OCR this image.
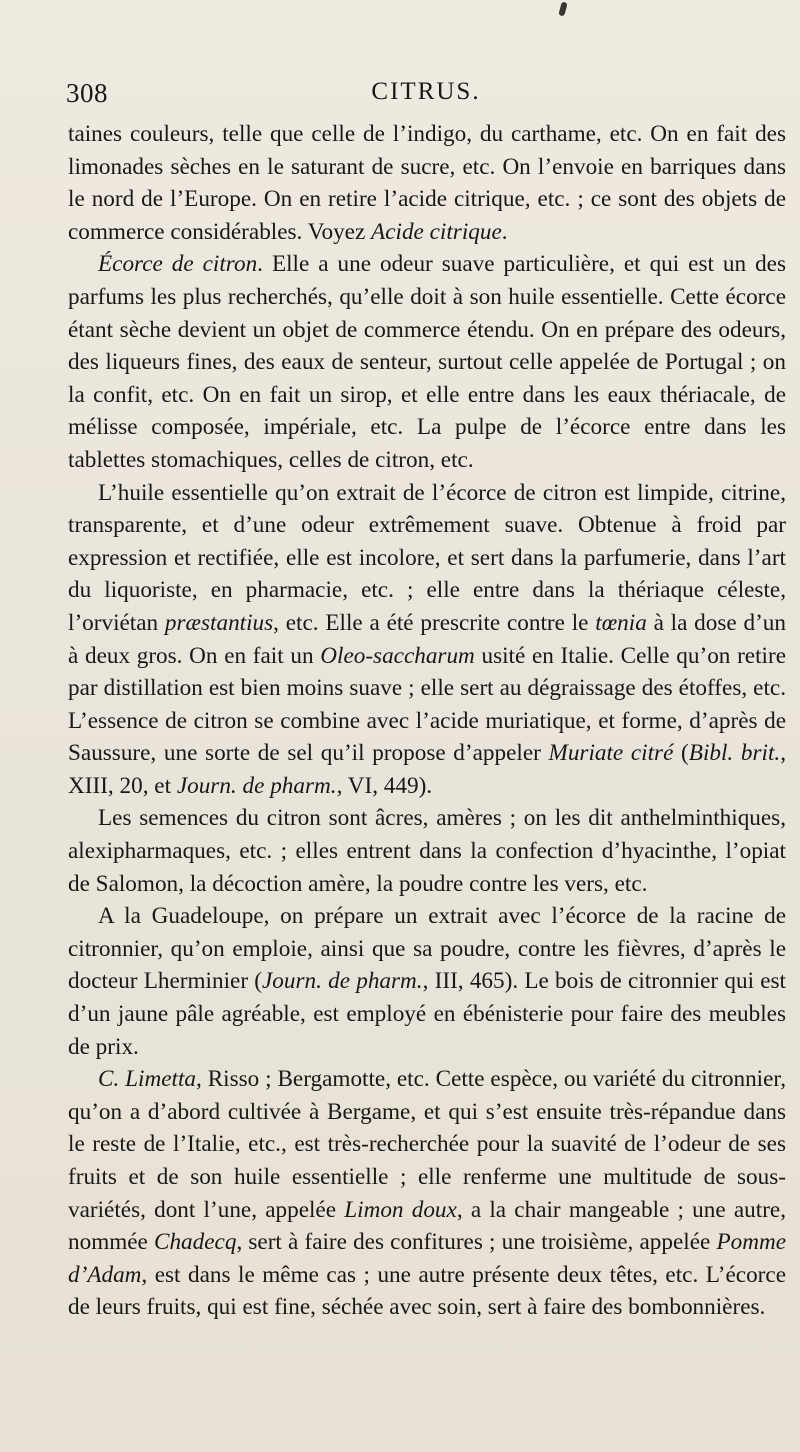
308	CITRUS.

taines couleurs, telle que celle de l’indigo, du carthame, etc. On en fait des limonades sèches en le saturant de sucre, etc. On l’envoie en barriques dans le nord de l’Europe. On en retire l’acide citrique, etc. ; ce sont des objets de commerce considérables. Voyez Acide citrique.

Écorce de citron. Elle a une odeur suave particulière, et qui est un des parfums les plus recherchés, qu’elle doit à son huile essentielle. Cette écorce étant sèche devient un objet de commerce étendu. On en prépare des odeurs, des liqueurs fines, des eaux de senteur, surtout celle appelée de Portugal ; on la confit, etc. On en fait un sirop, et elle entre dans les eaux thériacale, de mélisse composée, impériale, etc. La pulpe de l’écorce entre dans les tablettes stomachiques, celles de citron, etc.

L’huile essentielle qu’on extrait de l’écorce de citron est limpide, citrine, transparente, et d’une odeur extrêmement suave. Obtenue à froid par expression et rectifiée, elle est incolore, et sert dans la parfumerie, dans l’art du liquoriste, en pharmacie, etc. ; elle entre dans la thériaque céleste, l’orviétan præstantius, etc. Elle a été prescrite contre le tœnia à la dose d’un à deux gros. On en fait un Oleo-saccharum usité en Italie. Celle qu’on retire par distillation est bien moins suave ; elle sert au dégraissage des étoffes, etc. L’essence de citron se combine avec l’acide muriatique, et forme, d’après de Saussure, une sorte de sel qu’il propose d’appeler Muriate citré (Bibl. brit., XIII, 20, et Journ. de pharm., VI, 449).

Les semences du citron sont âcres, amères ; on les dit anthelminthiques, alexipharmaques, etc. ; elles entrent dans la confection d’hyacinthe, l’opiat de Salomon, la décoction amère, la poudre contre les vers, etc.

A la Guadeloupe, on prépare un extrait avec l’écorce de la racine de citronnier, qu’on emploie, ainsi que sa poudre, contre les fièvres, d’après le docteur Lherminier (Journ. de pharm., III, 465). Le bois de citronnier qui est d’un jaune pâle agréable, est employé en ébénisterie pour faire des meubles de prix.

C. Limetta, Risso ; Bergamotte, etc. Cette espèce, ou variété du citronnier, qu’on a d’abord cultivée à Bergame, et qui s’est ensuite très-répandue dans le reste de l’Italie, etc., est très-recherchée pour la suavité de l’odeur de ses fruits et de son huile essentielle ; elle renferme une multitude de sous-variétés, dont l’une, appelée Limon doux, a la chair mangeable ; une autre, nommée Chadecq, sert à faire des confitures ; une troisième, appelée Pomme d’Adam, est dans le même cas ; une autre présente deux têtes, etc. L’écorce de leurs fruits, qui est fine, séchée avec soin, sert à faire des bombonnières.
